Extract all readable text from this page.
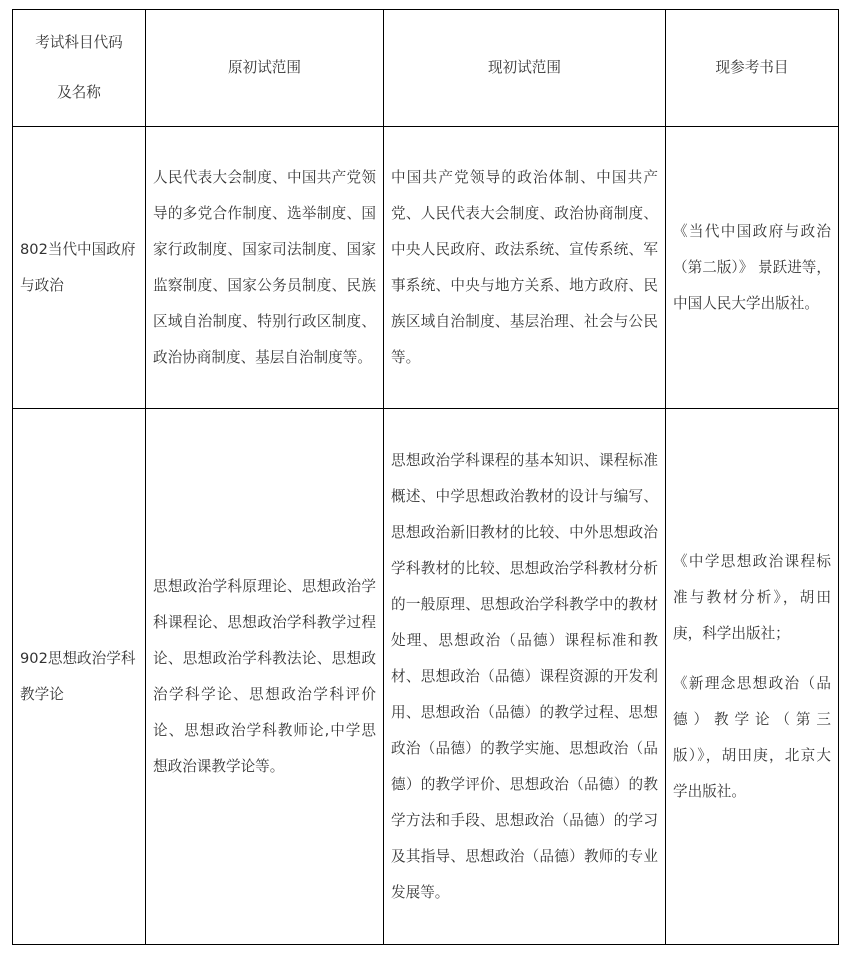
考试科目代码
及名称	原初试范围	现初试范围	现参考书目
802当代中国政府与政治	人民代表大会制度、中国共产党领导的多党合作制度、选举制度、国家行政制度、国家司法制度、国家监察制度、国家公务员制度、民族区域自治制度、特别行政区制度、政治协商制度、基层自治制度等。	中国共产党领导的政治体制、中国共产党、人民代表大会制度、政治协商制度、中央人民政府、政法系统、宣传系统、军事系统、中央与地方关系、地方政府、民族区域自治制度、基层治理、社会与公民等。	《当代中国政府与政治（第二版）》 景跃进等，中国人民大学出版社。

902思想政治学科教学论	思想政治学科原理论、思想政治学科课程论、思想政治学科教学过程论、思想政治学科教法论、思想政治学科学论、思想政治学科评价论、思想政治学科教师论,中学思想政治课教学论等。	思想政治学科课程的基本知识、课程标准概述、中学思想政治教材的设计与编写、思想政治新旧教材的比较、中外思想政治学科教材的比较、思想政治学科教材分析的一般原理、思想政治学科教学中的教材处理、思想政治（品德）课程标准和教材、思想政治（品德）课程资源的开发利用、思想政治（品德）的教学过程、思想政治（品德）的教学实施、思想政治（品德）的教学评价、思想政治（品德）的教学方法和手段、思想政治（品德）的学习及其指导、思想政治（品德）教师的专业发展等。	《中学思想政治课程标准与教材分析》，胡田庚，科学出版社；
《新理念思想政治（品德）教学论（第三版）》，胡田庚，北京大学出版社。
